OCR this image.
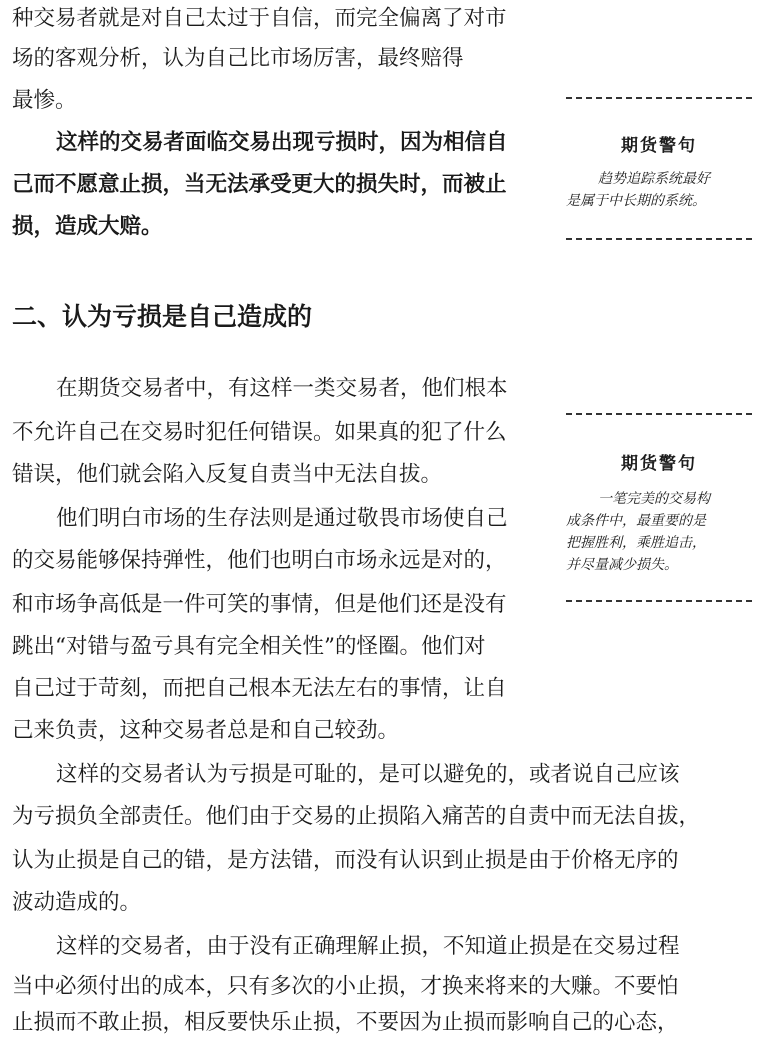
种交易者就是对自己太过于自信，而完全偏离了对市
场的客观分析，认为自己比市场厉害，最终赔得
最惨。
这样的交易者面临交易出现亏损时，因为相信自
己而不愿意止损，当无法承受更大的损失时，而被止
损，造成大赔。
期货警句
趋势追踪系统最好
是属于中长期的系统。
二、认为亏损是自己造成的
在期货交易者中，有这样一类交易者，他们根本
不允许自己在交易时犯任何错误。如果真的犯了什么
错误，他们就会陷入反复自责当中无法自拔。
他们明白市场的生存法则是通过敬畏市场使自己
的交易能够保持弹性，他们也明白市场永远是对的，
和市场争高低是一件可笑的事情，但是他们还是没有
跳出“对错与盈亏具有完全相关性”的怪圈。他们对
自己过于苛刻，而把自己根本无法左右的事情，让自
己来负责，这种交易者总是和自己较劲。
期货警句
一笔完美的交易构
成条件中，最重要的是
把握胜利，乘胜追击，
并尽量减少损失。
这样的交易者认为亏损是可耻的，是可以避免的，或者说自己应该
为亏损负全部责任。他们由于交易的止损陷入痛苦的自责中而无法自拔，
认为止损是自己的错，是方法错，而没有认识到止损是由于价格无序的
波动造成的。
这样的交易者，由于没有正确理解止损，不知道止损是在交易过程
当中必须付出的成本，只有多次的小止损，才换来将来的大赚。不要怕
止损而不敢止损，相反要快乐止损，不要因为止损而影响自己的心态，
